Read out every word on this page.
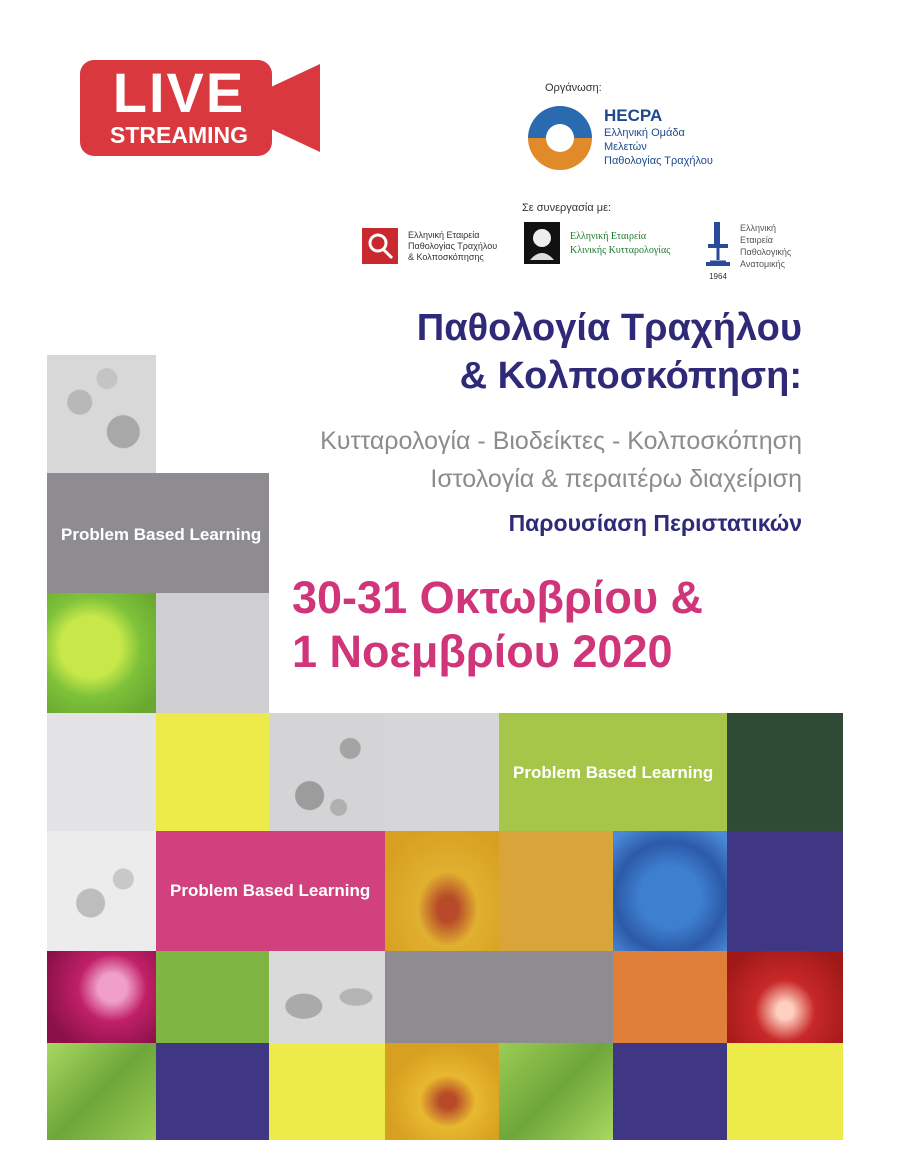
LIVE
STREAMING
Οργάνωση:
HECPA
Ελληνική Ομάδα
Μελετών
Παθολογίας Τραχήλου
Σε συνεργασία με:
Ελληνική Εταιρεία
Παθολογίας Τραχήλου
& Κολποσκόπησης
Ελληνική Εταιρεία
Κλινικής Κυτταρολογίας
1964
Ελληνική
Εταιρεία
Παθολογικής
Ανατομικής
Παθολογία Τραχήλου
& Κολποσκόπηση:
Κυτταρολογία - Βιοδείκτες - Κολποσκόπηση
Ιστολογία & περαιτέρω διαχείριση
Παρουσίαση Περιστατικών
30-31 Οκτωβρίου &
1 Νοεμβρίου 2020
Problem Based Learning
Problem Based Learning
Problem Based Learning
